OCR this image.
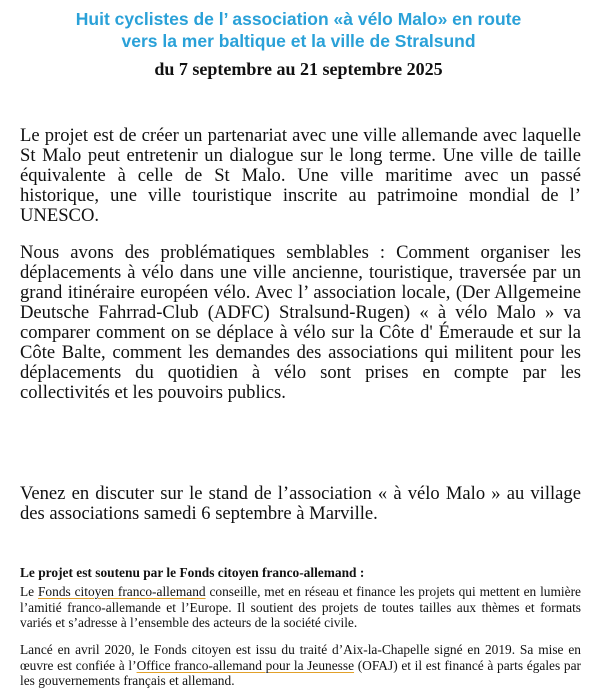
Huit cyclistes de l’ association «à vélo Malo» en route

vers la mer baltique et la ville de Stralsund

du 7 septembre au 21 septembre 2025

Le projet est de créer un partenariat avec une ville allemande avec laquelle St Malo peut entretenir un dialogue sur le long terme. Une ville de taille équivalente à celle de St Malo. Une ville maritime avec un passé historique, une ville touristique inscrite au patrimoine mondial de l’ UNESCO.

Nous avons des problématiques semblables : Comment organiser les déplacements à vélo dans une ville ancienne, touristique, traversée par un grand itinéraire européen vélo. Avec l’ association locale, (Der Allgemeine Deutsche Fahrrad-Club (ADFC) Stralsund-Rugen) « à vélo Malo » va comparer comment on se déplace à vélo sur la Côte d' Émeraude et sur la Côte Balte, comment les demandes des associations qui militent pour les déplacements du quotidien à vélo sont prises en compte par les collectivités et les pouvoirs publics.

Venez en discuter sur le stand de l’association « à vélo Malo » au village des associations samedi 6 septembre à Marville.

Le projet est soutenu par le Fonds citoyen franco-allemand :

Le Fonds citoyen franco-allemand conseille, met en réseau et finance les projets qui mettent en lumière l’amitié franco-allemande et l’Europe. Il soutient des projets de toutes tailles aux thèmes et formats variés et s’adresse à l’ensemble des acteurs de la société civile.

Lancé en avril 2020, le Fonds citoyen est issu du traité d’Aix-la-Chapelle signé en 2019. Sa mise en œuvre est confiée à l’Office franco-allemand pour la Jeunesse (OFAJ) et il est financé à parts égales par les gouvernements français et allemand.
